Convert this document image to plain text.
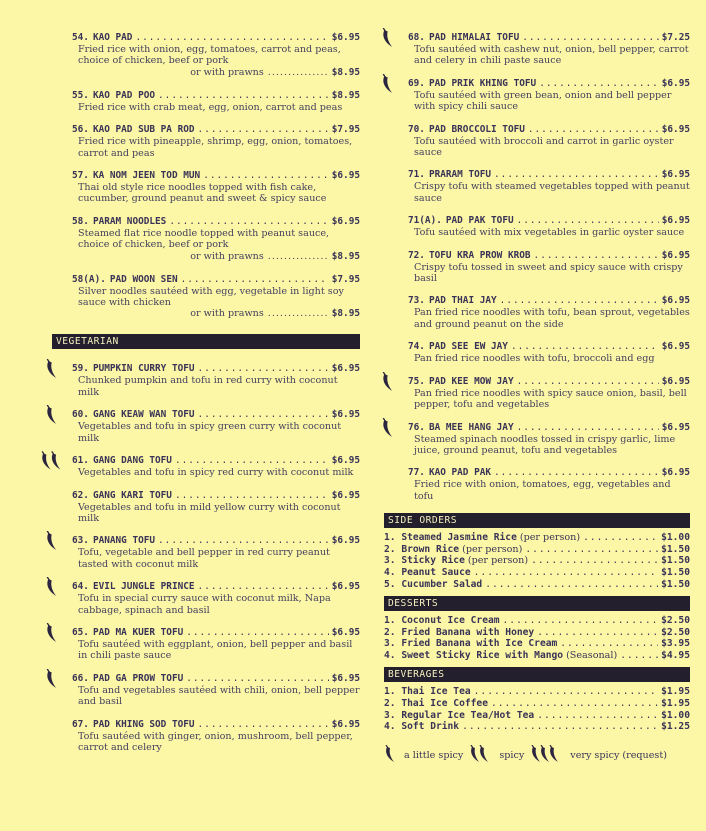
54. KAO PAD .....	$6.95
Fried rice with onion, egg, tomatoes, carrot and peas, choice of chicken, beef or pork
or with prawns .....	$8.95
55. KAO PAD POO .....	$8.95
Fried rice with crab meat, egg, onion, carrot and peas
56. KAO PAD SUB PA ROD .....	$7.95
Fried rice with pineapple, shrimp, egg, onion, tomatoes, carrot and peas
57. KA NOM JEEN TOD MUN .....	$6.95
Thai old style rice noodles topped with fish cake, cucumber, ground peanut and sweet & spicy sauce
58. PARAM NOODLES .....	$6.95
Steamed flat rice noodle topped with peanut sauce, choice of chicken, beef or pork
or with prawns .....	$8.95
58(A). PAD WOON SEN .....	$7.95
Silver noodles sautéed with egg, vegetable in light soy sauce with chicken
or with prawns .....	$8.95
VEGETARIAN
59. PUMPKIN CURRY TOFU .....	$6.95
Chunked pumpkin and tofu in red curry with coconut milk
60. GANG KEAW WAN TOFU .....	$6.95
Vegetables and tofu in spicy green curry with coconut milk
61. GANG DANG TOFU .....	$6.95
Vegetables and tofu in spicy red curry with coconut milk
62. GANG KARI TOFU .....	$6.95
Vegetables and tofu in mild yellow curry with coconut milk
63. PANANG TOFU .....	$6.95
Tofu, vegetable and bell pepper in red curry peanut tasted with coconut milk
64. EVIL JUNGLE PRINCE .....	$6.95
Tofu in special curry sauce with coconut milk, Napa cabbage, spinach and basil
65. PAD MA KUER TOFU .....	$6.95
Tofu sautéed with eggplant, onion, bell pepper and basil in chili paste sauce
66. PAD GA PROW TOFU .....	$6.95
Tofu and vegetables sautéed with chili, onion, bell pepper and basil
67. PAD KHING SOD TOFU .....	$6.95
Tofu sautéed with ginger, onion, mushroom, bell pepper, carrot and celery
68. PAD HIMALAI TOFU .....	$7.25
Tofu sautéed with cashew nut, onion, bell pepper, carrot and celery in chili paste sauce
69. PAD PRIK KHING TOFU .....	$6.95
Tofu sautéed with green bean, onion and bell pepper with spicy chili sauce
70. PAD BROCCOLI TOFU .....	$6.95
Tofu sautéed with broccoli and carrot in garlic oyster sauce
71. PRARAM TOFU .....	$6.95
Crispy tofu with steamed vegetables topped with peanut sauce
71(A). PAD PAK TOFU .....	$6.95
Tofu sautéed with mix vegetables in garlic oyster sauce
72. TOFU KRA PROW KROB .....	$6.95
Crispy tofu tossed in sweet and spicy sauce with crispy basil
73. PAD THAI JAY .....	$6.95
Pan fried rice noodles with tofu, bean sprout, vegetables and ground peanut on the side
74. PAD SEE EW JAY .....	$6.95
Pan fried rice noodles with tofu, broccoli and egg
75. PAD KEE MOW JAY .....	$6.95
Pan fried rice noodles with spicy sauce onion, basil, bell pepper, tofu and vegetables
76. BA MEE HANG JAY .....	$6.95
Steamed spinach noodles tossed in crispy garlic, lime juice, ground peanut, tofu and vegetables
77. KAO PAD PAK .....	$6.95
Fried rice with onion, tomatoes, egg, vegetables and tofu
SIDE ORDERS
1. Steamed Jasmine Rice (per person) .....	$1.00
2. Brown Rice (per person) .....	$1.50
3. Sticky Rice (per person) .....	$1.50
4. Peanut Sauce .....	$1.50
5. Cucumber Salad .....	$1.50
DESSERTS
1. Coconut Ice Cream .....	$2.50
2. Fried Banana with Honey .....	$2.50
3. Fried Banana with Ice Cream .....	$3.95
4. Sweet Sticky Rice with Mango (Seasonal) .....	$4.95
BEVERAGES
1. Thai Ice Tea .....	$1.95
2. Thai Ice Coffee .....	$1.95
3. Regular Ice Tea/Hot Tea .....	$1.00
4. Soft Drink .....	$1.25
a little spicy	spicy	very spicy (request)
